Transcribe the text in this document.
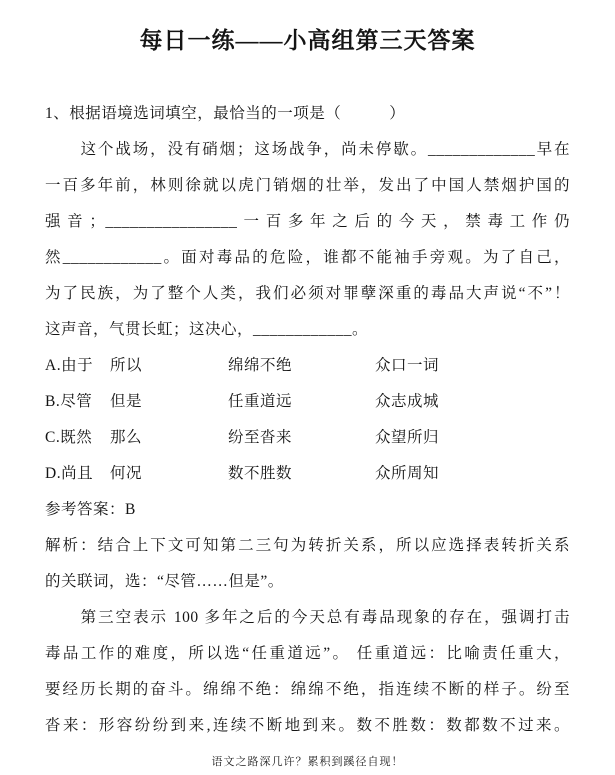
每日一练——小高组第三天答案
1、根据语境选词填空，最恰当的一项是（　　　）
这个战场，没有硝烟；这场战争，尚未停歇。_____________早在
一百多年前，林则徐就以虎门销烟的壮举，发出了中国人禁烟护国的
强音；________________一百多年之后的今天，禁毒工作仍
然____________。面对毒品的危险，谁都不能袖手旁观。为了自己，
为了民族，为了整个人类，我们必须对罪孽深重的毒品大声说“不”！
这声音，气贯长虹；这决心，____________。
A.由于	所以	绵绵不绝	众口一词
B.尽管	但是	任重道远	众志成城
C.既然	那么	纷至沓来	众望所归
D.尚且	何况	数不胜数	众所周知
参考答案：B
解析：结合上下文可知第二三句为转折关系，所以应选择表转折关系
的关联词，选：“尽管……但是”。
第三空表示 100 多年之后的今天总有毒品现象的存在，强调打击
毒品工作的难度，所以选“任重道远”。 任重道远：比喻责任重大，
要经历长期的奋斗。绵绵不绝：绵绵不绝，指连续不断的样子。纷至
沓来：形容纷纷到来,连续不断地到来。数不胜数：数都数不过来。
语文之路深几许？累积到蹊径自现！
